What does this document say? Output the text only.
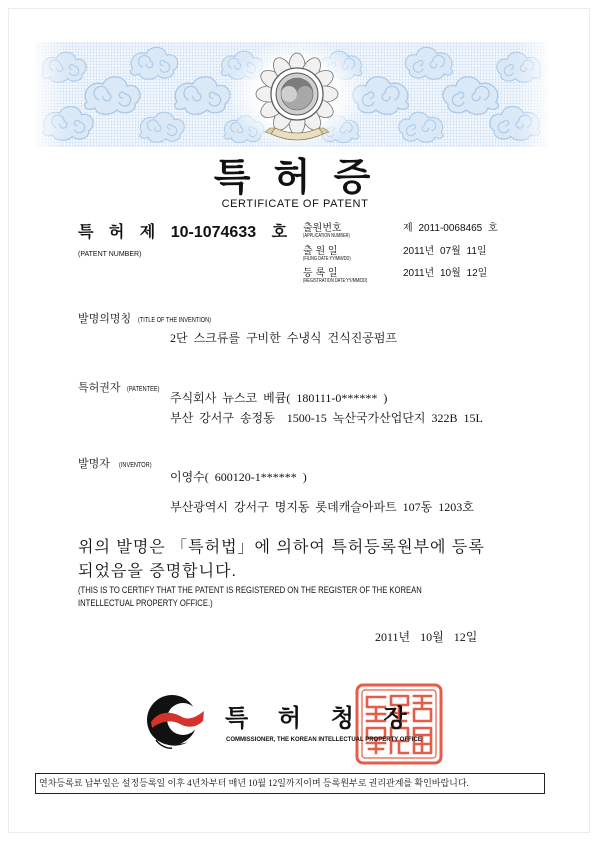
특 허 증
CERTIFICATE OF PATENT
특 허 제 10-1074633 호
(PATENT NUMBER)
출원번호
(APPLICATION NUMBER)
제 2011-0068465 호
출 원 일
(FILING DATE:YY/MM/DD)
2011년 07월 11일
등 록 일
(REGISTRATION DATE:YY/MM/DD)
2011년 10월 12일
발명의명칭 (TITLE OF THE INVENTION)
2단 스크류를 구비한 수냉식 건식진공펌프
특허권자 (PATENTEE)
주식회사 뉴스코 베큠( 180111-0****** )
부산 강서구 송정동  1500-15 녹산국가산업단지 322B 15L
발명자 (INVENTOR)
이영수( 600120-1****** )
부산광역시 강서구 명지동 롯데캐슬아파트 107동 1203호
위의 발명은 「특허법」에 의하여 특허등록원부에 등록
되었음을 증명합니다.
(THIS IS TO CERTIFY THAT THE PATENT IS REGISTERED ON THE REGISTER OF THE KOREAN
INTELLECTUAL PROPERTY OFFICE.)
2011년 10월 12일
특 허 청 장
COMMISSIONER, THE KOREAN INTELLECTUAL PROPERTY OFFICE
연차등록료 납부일은 설정등록일 이후 4년차부터 매년 10월 12일까지이며 등록원부로 권리관계를 확인바랍니다.
